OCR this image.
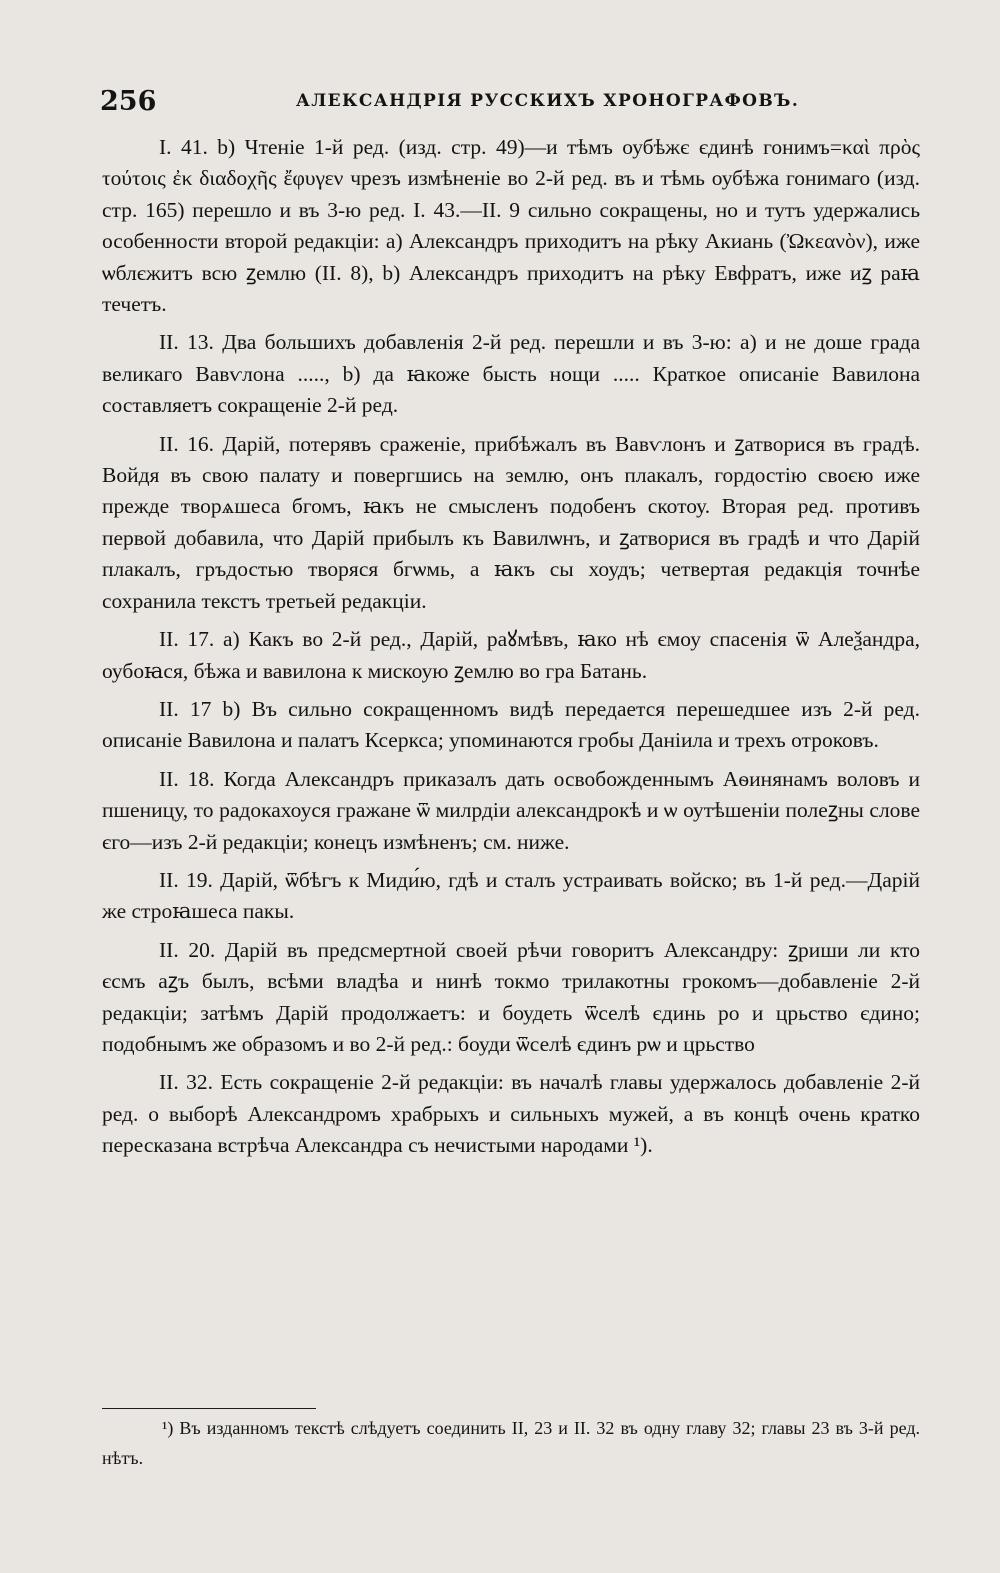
256	АЛЕКСАНДРІЯ РУССКИХЪ ХРОНОГРАФОВЪ.

I. 41. b) Чтеніе 1-й ред. (изд. стр. 49)—и тѣмъ оубѣжє єдинѣ гонимъ=καὶ πρὸς τούτοις ἐκ διαδοχῆς ἔφυγεν чрезъ измѣненіе во 2-й ред. въ и тѣмь оубѣжа гонимаго (изд. стр. 165) перешло и въ 3-ю ред. I. 43.—II. 9 сильно сокращены, но и тутъ удержались особенности второй редакціи: а) Александръ приходитъ на рѣку Акиань (Ὠκεανὸν), иже ѡблєжитъ всю ꙁемлю (II. 8), b) Александръ приходитъ на рѣку Евфратъ, иже иꙁ раꙗ течетъ.

II. 13. Два большихъ добавленія 2-й ред. перешли и въ 3-ю: а) и не доше града великаго Вавѵлона ....., b) да ꙗкоже бысть нощи ..... Краткое описаніе Вавилона составляетъ сокращеніе 2-й ред.

II. 16. Дарій, потерявъ сраженіе, прибѣжалъ въ Вавѵлонъ и ꙁатворися въ градѣ. Войдя въ свою палату и повергшись на землю, онъ плакалъ, гордостію своєю иже прежде творѧшеса бгомъ, ꙗкъ не смысленъ подобенъ скотоу. Вторая ред. противъ первой добавила, что Дарій прибылъ къ Вавилѡнъ, и ꙁатворися въ градѣ и что Дарій плакалъ, гръдостью творяся бгѡмь, а ꙗкъ сы хоудъ; четвертая редакція точнѣе сохранила текстъ третьей редакціи.

II. 17. а) Какъ во 2-й ред., Дарій, раꙋмѣвъ, ꙗко нѣ ємоу спасенія ѿ Алеѯандра, оубоꙗся, бѣжа и вавилона к мискоую ꙁемлю во гра Батань.

II. 17 b) Въ сильно сокращенномъ видѣ передается перешедшее изъ 2-й ред. описаніе Вавилона и палатъ Ксеркса; упоминаются гробы Даніила и трехъ отроковъ.

II. 18. Когда Александръ приказалъ дать освобожденнымъ Аѳинянамъ воловъ и пшеницу, то радокахоуся гражане ѿ милрдіи александрокѣ и ѡ оутѣшеніи полеꙁны слове єго—изъ 2-й редакціи; конецъ измѣненъ; см. ниже.

II. 19. Дарій, ѿбѣгъ к Миди́ю, гдѣ и сталъ устраивать войско; въ 1-й ред.—Дарій же строꙗшеса пакы.

II. 20. Дарій въ предсмертной своей рѣчи говоритъ Александру: ꙁриши ли кто єсмъ аꙁъ былъ, всѣми владѣа и нинѣ токмо трилакотны грокомъ—добавленіе 2-й редакціи; затѣмъ Дарій продолжаетъ: и боудеть ѿселѣ єдинь ро и црьство єдино; подобнымъ же образомъ и во 2-й ред.: боуди ѿселѣ єдинъ рѡ и црьство

II. 32. Есть сокращеніе 2-й редакціи: въ началѣ главы удержалось добавленіе 2-й ред. о выборѣ Александромъ храбрыхъ и сильныхъ мужей, а въ концѣ очень кратко пересказана встрѣча Александра съ нечистыми народами ¹).

¹) Въ изданномъ текстѣ слѣдуетъ соединить II, 23 и II. 32 въ одну главу 32; главы 23 въ 3-й ред. нѣтъ.
